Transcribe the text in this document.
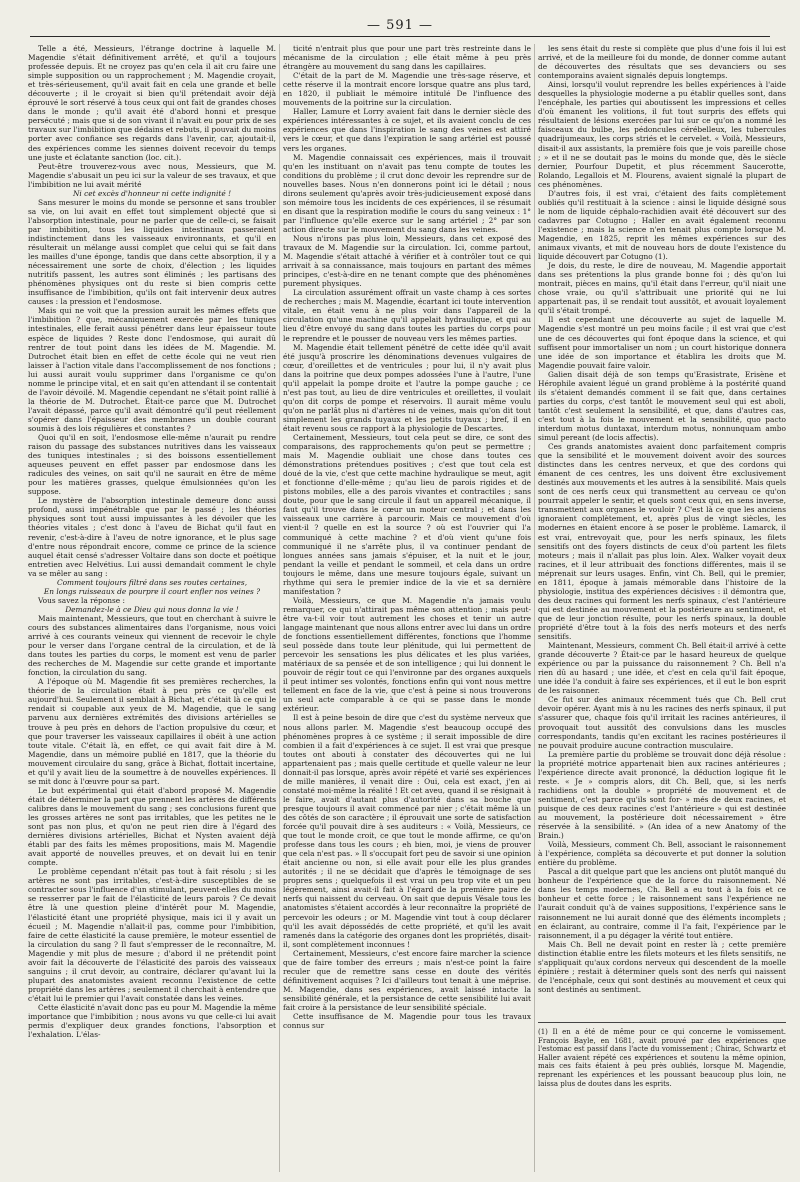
— 591 —

Telle a été, Messieurs, l'étrange doctrine à laquelle M. Magendie s'était définitivement arrêté, et qu'il a toujours professée depuis. Et ne croyez pas qu'en cela il ait cru faire une simple supposition ou un rapprochement ; M. Magendie croyait, et très-sérieusement, qu'il avait fait en cela une grande et belle découverte ; il le croyait si bien qu'il prétendait avoir déjà éprouvé le sort réservé à tous ceux qui ont fait de grandes choses dans le monde ; qu'il avait été d'abord honni et presque persécuté ; mais que si de son vivant il n'avait eu pour prix de ses travaux sur l'imbibition que dédains et rebuts, il pouvait du moins porter avec confiance ses regards dans l'avenir, car, ajoutait-il, des expériences comme les siennes doivent recevoir du temps une juste et éclatante sanction (loc. cit.).

Peut-être trouverez-vous avec nous, Messieurs, que M. Magendie s'abusait un peu ici sur la valeur de ses travaux, et que l'imbibition ne lui avait mérité

Ni cet excès d'honneur ni cette indignité !

Sans mesurer le moins du monde se personne et sans troubler sa vie, on lui avait en effet tout simplement objecté que si l'absorption intestinale, pour ne parler que de celle-ci, se faisait par imbibition, tous les liquides intestinaux passeraient indistinctement dans les vaisseaux environnants, et qu'il en résulterait un mélange aussi complet que celui qui se fait dans les mailles d'une éponge, tandis que dans cette absorption, il y a nécessairement une sorte de choix, d'élection ; les liquides nutritifs passent, les autres sont éliminés ; les partisans des phénomènes physiques ont du reste si bien compris cette insuffisance de l'imbibition, qu'ils ont fait intervenir deux autres causes : la pression et l'endosmose.

Mais qui ne voit que la pression aurait les mêmes effets que l'imbibition ? que, mécaniquement exercée par les tuniques intestinales, elle ferait aussi pénétrer dans leur épaisseur toute espèce de liquides ? Reste donc l'endosmose, qui aurait dû rentrer de tout point dans les idées de M. Magendie. M. Dutrochet était bien en effet de cette école qui ne veut rien laisser à l'action vitale dans l'accomplissement de nos fonctions ; lui aussi aurait voulu supprimer dans l'organisme ce qu'on nomme le principe vital, et en sait qu'en attendant il se contentait de l'avoir dévoilé. M. Magendie cependant ne s'était point rallié à la théorie de M. Dutrochet. Était-ce parce que M. Dutrochet l'avait dépassé, parce qu'il avait démontré qu'il peut réellement s'opérer dans l'épaisseur des membranes un double courant soumis à des lois régulières et constantes ?

Quoi qu'il en soit, l'endosmose elle-même n'aurait pu rendre raison du passage des substances nutritives dans les vaisseaux des tuniques intestinales ; si des boissons essentiellement aqueuses peuvent en effet passer par endosmose dans les radicules des veines, on sait qu'il ne saurait en être de même pour les matières grasses, quelque émulsionnées qu'on les suppose.

Le mystère de l'absorption intestinale demeure donc aussi profond, aussi impénétrable que par le passé ; les théories physiques sont tout aussi impuissantes à les dévoiler que les théories vitales ; c'est donc à l'aveu de Bichat qu'il faut en revenir, c'est-à-dire à l'aveu de notre ignorance, et le plus sage d'entre nous répondrait encore, comme ce prince de la science auquel était censé s'adresser Voltaire dans son docte et poétique entretien avec Helvétius. Lui aussi demandait comment le chyle va se mêler au sang :

Comment toujours filtré dans ses routes certaines,

En longs ruisseaux de pourpre il court enfler nos veines ?

Vous savez la réponse :

Demandez-le à ce Dieu qui nous donna la vie !

Mais maintenant, Messieurs, que tout en cherchant à suivre le cours des substances alimentaires dans l'organisme, nous voici arrivé à ces courants veineux qui viennent de recevoir le chyle pour le verser dans l'organe central de la circulation, et de là dans toutes les parties du corps, le moment est venu de parler des recherches de M. Magendie sur cette grande et importante fonction, la circulation du sang.

A l'époque où M. Magendie fit ses premières recherches, la théorie de la circulation était à peu près ce qu'elle est aujourd'hui. Seulement il semblait à Bichat, et c'était là ce qui le rendait si coupable aux yeux de M. Magendie, que le sang parvenu aux dernières extrémités des divisions artérielles se trouve à peu près en dehors de l'action propulsive du cœur, et que pour traverser les vaisseaux capillaires il obéit à une action toute vitale. C'était là, en effet, ce qui avait fait dire à M. Magendie, dans un mémoire publié en 1817, que la théorie du mouvement circulaire du sang, grâce à Bichat, flottait incertaine, et qu'il y avait lieu de la soumettre à de nouvelles expériences. Il se mit donc à l'œuvre pour sa part.

Le but expérimental qui était d'abord proposé M. Magendie était de déterminer la part que prennent les artères de différents calibres dans le mouvement du sang ; ses conclusions furent que les grosses artères ne sont pas irritables, que les petites ne le sont pas non plus, et qu'on ne peut rien dire à l'égard des dernières divisions artérielles, Bichat et Nysten avaient déjà établi par des faits les mêmes propositions, mais M. Magendie avait apporté de nouvelles preuves, et on devait lui en tenir compte.

Le problème cependant n'était pas tout à fait résolu ; si les artères ne sont pas irritables, c'est-à-dire susceptibles de se contracter sous l'influence d'un stimulant, peuvent-elles du moins se resserrer par le fait de l'élasticité de leurs parois ? Ce devait être là une question pleine d'intérêt pour M. Magendie, l'élasticité étant une propriété physique, mais ici il y avait un écueil ; M. Magendie n'allait-il pas, comme pour l'imbibition, faire de cette élasticité la cause première, le moteur essentiel de la circulation du sang ? Il faut s'empresser de le reconnaître, M. Magendie y mit plus de mesure ; d'abord il ne prétendit point avoir fait la découverte de l'élasticité des parois des vaisseaux sanguins ; il crut devoir, au contraire, déclarer qu'avant lui la plupart des anatomistes avaient reconnu l'existence de cette propriété dans les artères ; seulement il cherchait à entendre que c'était lui le premier qui l'avait constatée dans les veines.

Cette élasticité n'avait donc pas eu pour M. Magendie la même importance que l'imbibition ; nous avons vu que celle-ci lui avait permis d'expliquer deux grandes fonctions, l'absorption et l'exhalation. L'élas-

ticité n'entrait plus que pour une part très restreinte dans le mécanisme de la circulation ; elle était même à peu près étrangère au mouvement du sang dans les capillaires.

C'était de la part de M. Magendie une très-sage réserve, et cette réserve il la montrait encore lorsque quatre ans plus tard, en 1820, il publiait le mémoire intitulé De l'influence des mouvements de la poitrine sur la circulation.

Haller, Lamure et Lorry avaient fait dans le dernier siècle des expériences intéressantes à ce sujet, et ils avaient conclu de ces expériences que dans l'inspiration le sang des veines est attiré vers le cœur, et que dans l'expiration le sang artériel est poussé vers les organes.

M. Magendie connaissait ces expériences, mais il trouvait qu'en les instituant on n'avait pas tenu compte de toutes les conditions du problème ; il crut donc devoir les reprendre sur de nouvelles bases. Nous n'en donnerons point ici le détail ; nous dirons seulement qu'après avoir très-judicieusement exposé dans son mémoire tous les incidents de ces expériences, il se résumait en disant que la respiration modifie le cours du sang veineux : 1° par l'influence qu'elle exerce sur le sang artériel ; 2° par son action directe sur le mouvement du sang dans les veines.

Nous n'irons pas plus loin, Messieurs, dans cet exposé des travaux de M. Magendie sur la circulation. Ici, comme partout, M. Magendie s'était attaché à vérifier et à contrôler tout ce qui arrivait à sa connaissance, mais toujours en partant des mêmes principes, c'est-à-dire en ne tenant compte que des phénomènes purement physiques.

La circulation assurément offrait un vaste champ à ces sortes de recherches ; mais M. Magendie, écartant ici toute intervention vitale, en était venu à ne plus voir dans l'appareil de la circulation qu'une machine qu'il appelait hydraulique, et qui au lieu d'être envoyé du sang dans toutes les parties du corps pour le reprendre et le pousser de nouveau vers les mêmes parties.

M. Magendie était tellement pénétré de cette idée qu'il avait été jusqu'à proscrire les dénominations devenues vulgaires de cœur, d'oreillettes et de ventricules ; pour lui, il n'y avait plus dans la poitrine que deux pompes adossées l'une à l'autre, l'une qu'il appelait la pompe droite et l'autre la pompe gauche ; ce n'est pas tout, au lieu de dire ventricules et oreillettes, il voulait qu'on dit corps de pompe et réservoirs. Il aurait même voulu qu'on ne parlât plus ni d'artères ni de veines, mais qu'on dit tout simplement les grands tuyaux et les petits tuyaux ; bref, il en était revenu sous ce rapport à la physiologie de Descartes.

Certainement, Messieurs, tout cela peut se dire, ce sont des comparaisons, des rapprochements qu'on peut se permettre ; mais M. Magendie oubliait une chose dans toutes ces démonstrations prétendues positives ; c'est que tout cela est doué de la vie, c'est que cette machine hydraulique se meut, agit et fonctionne d'elle-même ; qu'au lieu de parois rigides et de pistons mobiles, elle a des parois vivantes et contractiles ; sans doute, pour que le sang circule il faut un appareil mécanique, il faut qu'il trouve dans le cœur un moteur central ; et dans les vaisseaux une carrière à parcourir. Mais ce mouvement d'où vient-il ? quelle en est la source ? où est l'ouvrier qui l'a communiqué à cette machine ? et d'où vient qu'une fois communiqué il ne s'arrête plus, il va continuer pendant de longues années sans jamais s'épuiser, et la nuit et le jour, pendant la veille et pendant le sommeil, et cela dans un ordre toujours le même, dans une mesure toujours égale, suivant un rhythme qui sera le premier indice de la vie et sa dernière manifestation ?

Voilà, Messieurs, ce que M. Magendie n'a jamais voulu remarquer, ce qui n'attirait pas même son attention ; mais peut-être va-t-il voir tout autrement les choses et tenir un autre langage maintenant que nous allons entrer avec lui dans un ordre de fonctions essentiellement différentes, fonctions que l'homme seul possède dans toute leur plénitude, qui lui permettent de percevoir les sensations les plus délicates et les plus variées, matériaux de sa pensée et de son intelligence ; qui lui donnent le pouvoir de régir tout ce qui l'environne par des organes auxquels il peut intimer ses volontés, fonctions enfin qui vont nous mettre tellement en face de la vie, que c'est à peine si nous trouverons un seul acte comparable à ce qui se passe dans le monde extérieur.

Il est à peine besoin de dire que c'est du système nerveux que nous allons parler. M. Magendie s'est beaucoup occupé des phénomènes propres à ce système ; il serait impossible de dire combien il a fait d'expériences à ce sujet. Il est vrai que presque toutes ont abouti à constater des découvertes qui ne lui appartenaient pas ; mais quelle certitude et quelle valeur ne leur donnait-il pas lorsque, après avoir répété et varié ses expériences de mille manières, il venait dire : Oui, cela est exact, j'en ai constaté moi-même la réalité ! Et cet aveu, quand il se résignait à le faire, avait d'autant plus d'autorité dans sa bouche que presque toujours il avait commencé par nier ; c'était même là un des côtés de son caractère ; il éprouvait une sorte de satisfaction forcée qu'il pouvait dire à ses auditeurs : « Voilà, Messieurs, ce que tout le monde croit, ce que tout le monde affirme, ce qu'on professe dans tous les cours ; eh bien, moi, je viens de prouver que cela n'est pas. » Il s'occupait fort peu de savoir si une opinion était ancienne ou non, si elle avait pour elle les plus grandes autorités ; il ne se décidait que d'après le témoignage de ses propres sens ; quelquefois il est vrai un peu trop vite et un peu légèrement, ainsi avait-il fait à l'égard de la première paire de nerfs qui naissent du cerveau. On sait que depuis Vésale tous les anatomistes s'étaient accordés à leur reconnaître la propriété de percevoir les odeurs ; or M. Magendie vint tout à coup déclarer qu'il les avait dépossédés de cette propriété, et qu'il les avait ramenés dans la catégorie des organes dont les propriétés, disait-il, sont complètement inconnues !

Certainement, Messieurs, c'est encore faire marcher la science que de faire tomber des erreurs ; mais n'est-ce point la faire reculer que de remettre sans cesse en doute des vérités définitivement acquises ? Ici d'ailleurs tout tenait à une méprise. M. Magendie, dans ses expériences, avait laissé intacte la sensibilité générale, et la persistance de cette sensibilité lui avait fait croire à la persistance de leur sensibilité spéciale.

Cette insuffisance de M. Magendie pour tous les travaux connus sur

les sens était du reste si complète que plus d'une fois il lui est arrivé, et de la meilleure foi du monde, de donner comme autant de découvertes des résultats que ses devanciers ou ses contemporains avaient signalés depuis longtemps.

Ainsi, lorsqu'il voulut reprendre les belles expériences à l'aide desquelles la physiologie moderne a pu établir quelles sont, dans l'encéphale, les parties qui aboutissent les impressions et celles d'où émanent les volitions, il fut tout surpris des effets qui résultaient de lésions exercées par lui sur ce qu'on a nommé les faisceaux du bulbe, les pédoncules cérébelleux, les tubercules quadrijumeaux, les corps striés et le cervelet. « Voilà, Messieurs, disait-il aux assistants, la première fois que je vois pareille chose ; » et il ne se doutait pas le moins du monde que, dès le siècle dernier, Pourfour Dupetit, et plus récemment Saucerotte, Rolando, Legallois et M. Flourens, avaient signalé la plupart de ces phénomènes.

D'autres fois, il est vrai, c'étaient des faits complètement oubliés qu'il restituait à la science : ainsi le liquide désigné sous le nom de liquide céphalo-rachidien avait été découvert sur des cadavres par Cotugno ; Haller en avait également reconnu l'existence ; mais la science n'en tenait plus compte lorsque M. Magendie, en 1825, reprit les mêmes expériences sur des animaux vivants, et mit de nouveau hors de doute l'existence du liquide découvert par Cotugno (1).

Je dois, du reste, le dire de nouveau, M. Magendie apportait dans ses prétentions la plus grande bonne foi ; dès qu'on lui montrait, pièces en mains, qu'il était dans l'erreur, qu'il niait une chose vraie, ou qu'il s'attribuait une priorité qui ne lui appartenait pas, il se rendait tout aussitôt, et avouait loyalement qu'il s'était trompé.

Il est cependant une découverte au sujet de laquelle M. Magendie s'est montré un peu moins facile ; il est vrai que c'est une de ces découvertes qui font époque dans la science, et qui suffisent pour immortaliser un nom ; un court historique donnera une idée de son importance et établira les droits que M. Magendie pouvait faire valoir.

Galien disait déjà de son temps qu'Erasistrate, Erisène et Hérophile avaient légué un grand problème à la postérité quand ils s'étaient demandés comment il se fait que, dans certaines parties du corps, c'est tantôt le mouvement seul qui est aboli, tantôt c'est seulement la sensibilité, et que, dans d'autres cas, c'est tout à la fois le mouvement et la sensibilité, quo pacto interdum motus duntaxat, interdum motus, nonnunquam ambo simul pereant (de locis affectis).

Ces grands anatomistes avaient donc parfaitement compris que la sensibilité et le mouvement doivent avoir des sources distinctes dans les centres nerveux, et que des cordons qui émanent de ces centres, les uns doivent être exclusivement destinés aux mouvements et les autres à la sensibilité. Mais quels sont de ces nerfs ceux qui transmettent au cerveau ce qu'on pourrait appeler le sentir, et quels sont ceux qui, en sens inverse, transmettent aux organes le vouloir ? C'est là ce que les anciens ignoraient complètement, et, après plus de vingt siècles, les modernes en étaient encore à se poser le problème. Lamarck, il est vrai, entrevoyait que, pour les nerfs spinaux, les filets sensitifs ont des foyers distincts de ceux d'où partent les filets moteurs ; mais il n'allait pas plus loin. Alex. Walker voyait deux racines, et il leur attribuait des fonctions différentes, mais il se méprenait sur leurs usages. Enfin, vint Ch. Bell, qui le premier, en 1811, époque à jamais mémorable dans l'histoire de la physiologie, institua des expériences décisives : il démontra que, des deux racines qui forment les nerfs spinaux, c'est l'antérieure qui est destinée au mouvement et la postérieure au sentiment, et que de leur jonction résulte, pour les nerfs spinaux, la double propriété d'être tout à la fois des nerfs moteurs et des nerfs sensitifs.

Maintenant, Messieurs, comment Ch. Bell était-il arrivé à cette grande découverte ? Était-ce par le hasard heureux de quelque expérience ou par la puissance du raisonnement ? Ch. Bell n'a rien dû au hasard ; une idée, et c'est en cela qu'il fait époque, une idée l'a conduit à faire ses expériences, et il eut le bon esprit de les raisonner.

Ce fut sur des animaux récemment tués que Ch. Bell crut devoir opérer. Ayant mis à nu les racines des nerfs spinaux, il put s'assurer que, chaque fois qu'il irritait les racines antérieures, il provoquait tout aussitôt des convulsions dans les muscles correspondants, tandis qu'en excitant les racines postérieures il ne pouvait produire aucune contraction musculaire.

La première partie du problème se trouvait donc déjà résolue : la propriété motrice appartenait bien aux racines antérieures ; l'expérience directe avait prononcé, la déduction logique fit le reste. « Je » compris alors, dit Ch. Bell, que, si les nerfs rachidiens ont la double » propriété de mouvement et de sentiment, c'est parce qu'ils sont for- » més de deux racines, et puisque de ces deux racines c'est l'antérieure » qui est destinée au mouvement, la postérieure doit nécessairement » être réservée à la sensibilité. » (An idea of a new Anatomy of the Brain.)

Voilà, Messieurs, comment Ch. Bell, associant le raisonnement à l'expérience, compléta sa découverte et put donner la solution entière du problème.

Pascal a dit quelque part que les anciens ont plutôt manqué du bonheur de l'expérience que de la force du raisonnement. Né dans les temps modernes, Ch. Bell a eu tout à la fois et ce bonheur et cette force ; le raisonnement sans l'expérience ne l'aurait conduit qu'à de vaines suppositions, l'expérience sans le raisonnement ne lui aurait donné que des éléments incomplets ; en éclairant, au contraire, comme il l'a fait, l'expérience par le raisonnement, il a pu dégager la vérité tout entière.

Mais Ch. Bell ne devait point en rester là ; cette première distinction établie entre les filets moteurs et les filets sensitifs, ne s'appliquait qu'aux cordons nerveux qui descendent de la moelle épinière ; restait à déterminer quels sont des nerfs qui naissent de l'encéphale, ceux qui sont destinés au mouvement et ceux qui sont destinés au sentiment.

(1) Il en a été de même pour ce qui concerne le vomissement. François Bayle, en 1681, avait prouvé par des expériences que l'estomac est passif dans l'acte du vomissement ; Chirac, Schwartz et Haller avaient répété ces expériences et soutenu la même opinion, mais ces faits étaient à peu près oubliés, lorsque M. Magendie, reprenant les expériences et les poussant beaucoup plus loin, ne laissa plus de doutes dans les esprits.
